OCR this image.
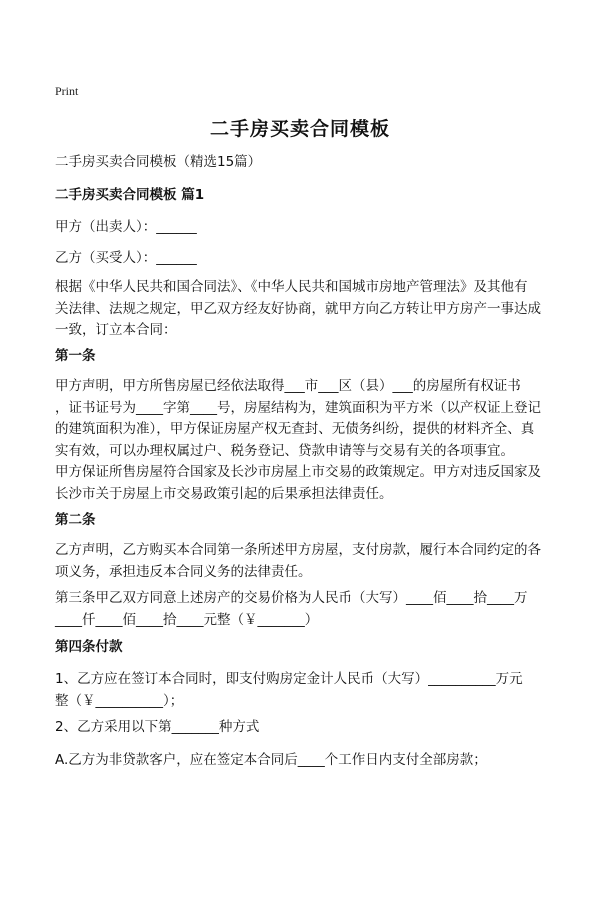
Print
二手房买卖合同模板
二手房买卖合同模板（精选15篇）
二手房买卖合同模板 篇1
甲方（出卖人）：______
乙方（买受人）：______
根据《中华人民共和国合同法》、《中华人民共和国城市房地产管理法》及其他有
关法律、法规之规定，甲乙双方经友好协商，就甲方向乙方转让甲方房产一事达成
一致，订立本合同：
第一条
甲方声明，甲方所售房屋已经依法取得___市___区（县）___的房屋所有权证书
，证书证号为____字第____号，房屋结构为，建筑面积为平方米（以产权证上登记
的建筑面积为准），甲方保证房屋产权无查封、无债务纠纷，提供的材料齐全、真
实有效，可以办理权属过户、税务登记、贷款申请等与交易有关的各项事宜。
甲方保证所售房屋符合国家及长沙市房屋上市交易的政策规定。甲方对违反国家及
长沙市关于房屋上市交易政策引起的后果承担法律责任。
第二条
乙方声明，乙方购买本合同第一条所述甲方房屋，支付房款，履行本合同约定的各
项义务，承担违反本合同义务的法律责任。
第三条甲乙双方同意上述房产的交易价格为人民币（大写）____佰____拾____万
____仟____佰____拾____元整（￥_______）
第四条付款
1、乙方应在签订本合同时，即支付购房定金计人民币（大写）__________万元
整（￥__________）；
2、乙方采用以下第_______种方式
A.乙方为非贷款客户，应在签定本合同后____个工作日内支付全部房款；
